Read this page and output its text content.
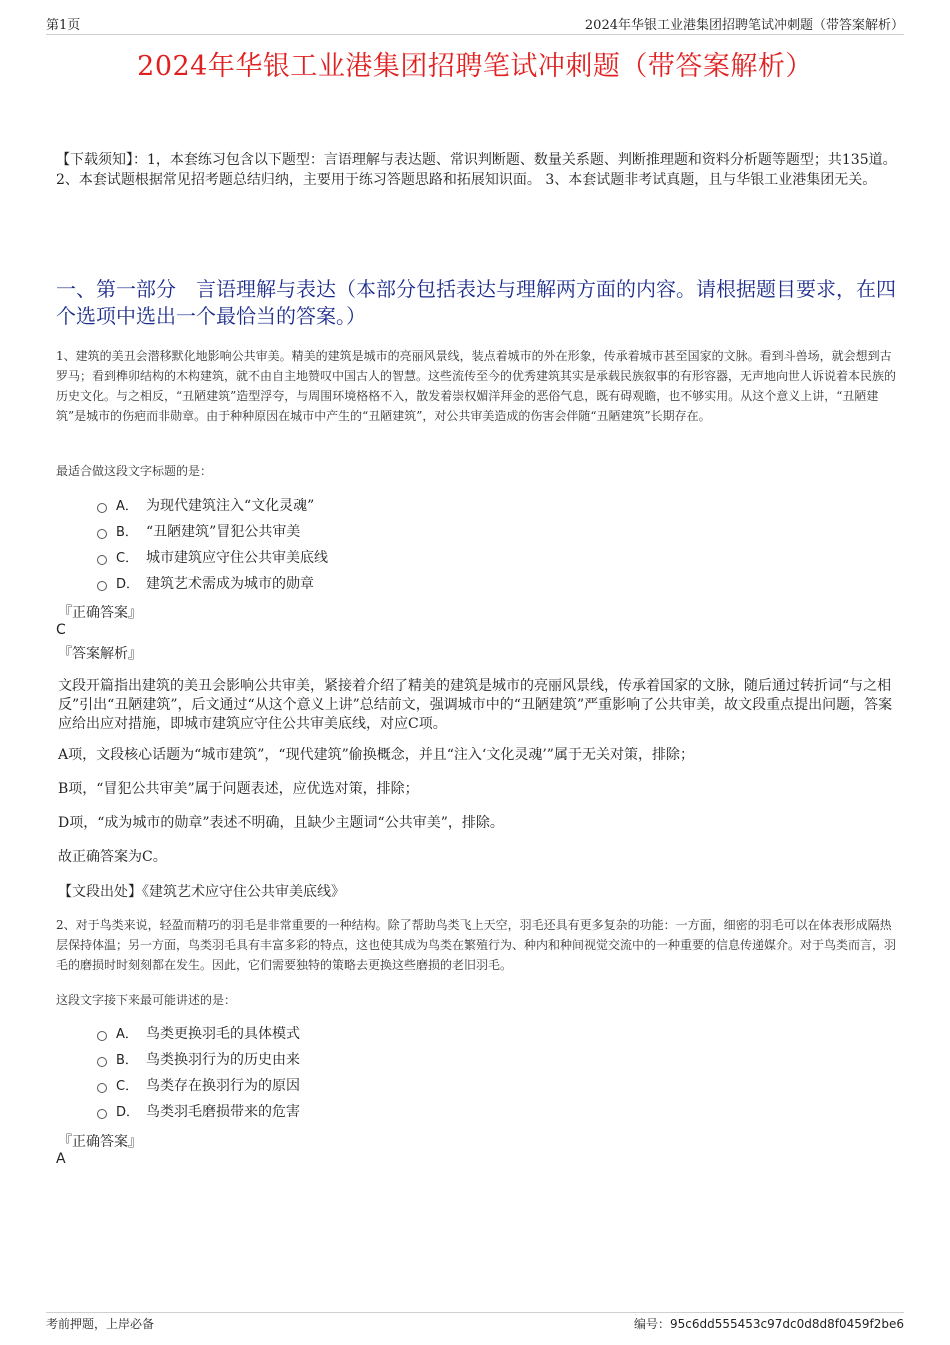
第1页	2024年华银工业港集团招聘笔试冲刺题（带答案解析）
2024年华银工业港集团招聘笔试冲刺题（带答案解析）
【下载须知】：1，本套练习包含以下题型：言语理解与表达题、常识判断题、数量关系题、判断推理题和资料分析题等题型；共135道。 2、本套试题根据常见招考题总结归纳，主要用于练习答题思路和拓展知识面。 3、本套试题非考试真题，且与华银工业港集团无关。
一、第一部分　言语理解与表达（本部分包括表达与理解两方面的内容。请根据题目要求，在四个选项中选出一个最恰当的答案。）
1、建筑的美丑会潜移默化地影响公共审美。精美的建筑是城市的亮丽风景线，装点着城市的外在形象，传承着城市甚至国家的文脉。看到斗兽场，就会想到古罗马；看到榫卯结构的木构建筑，就不由自主地赞叹中国古人的智慧。这些流传至今的优秀建筑其实是承载民族叙事的有形容器，无声地向世人诉说着本民族的历史文化。与之相反，“丑陋建筑”造型浮夸，与周围环境格格不入，散发着崇权媚洋拜金的恶俗气息，既有碍观瞻，也不够实用。从这个意义上讲，“丑陋建筑”是城市的伤疤而非勋章。由于种种原因在城市中产生的“丑陋建筑”，对公共审美造成的伤害会伴随“丑陋建筑”长期存在。
最适合做这段文字标题的是：
A． 为现代建筑注入“文化灵魂”
B． “丑陋建筑”冒犯公共审美
C． 城市建筑应守住公共审美底线
D． 建筑艺术需成为城市的勋章
『正确答案』
C
『答案解析』
文段开篇指出建筑的美丑会影响公共审美，紧接着介绍了精美的建筑是城市的亮丽风景线，传承着国家的文脉，随后通过转折词“与之相反”引出“丑陋建筑”，后文通过“从这个意义上讲”总结前文，强调城市中的“丑陋建筑”严重影响了公共审美，故文段重点提出问题，答案应给出应对措施，即城市建筑应守住公共审美底线，对应C项。
A项，文段核心话题为“城市建筑”，“现代建筑”偷换概念，并且“注入‘文化灵魂’”属于无关对策，排除；
B项，“冒犯公共审美”属于问题表述，应优选对策，排除；
D项，“成为城市的勋章”表述不明确，且缺少主题词“公共审美”，排除。
故正确答案为C。
【文段出处】《建筑艺术应守住公共审美底线》
2、对于鸟类来说，轻盈而精巧的羽毛是非常重要的一种结构。除了帮助鸟类飞上天空，羽毛还具有更多复杂的功能：一方面，细密的羽毛可以在体表形成隔热层保持体温；另一方面，鸟类羽毛具有丰富多彩的特点，这也使其成为鸟类在繁殖行为、种内和种间视觉交流中的一种重要的信息传递媒介。对于鸟类而言，羽毛的磨损时时刻刻都在发生。因此，它们需要独特的策略去更换这些磨损的老旧羽毛。
这段文字接下来最可能讲述的是：
A． 鸟类更换羽毛的具体模式
B． 鸟类换羽行为的历史由来
C． 鸟类存在换羽行为的原因
D． 鸟类羽毛磨损带来的危害
『正确答案』
A
考前押题，上岸必备	编号：95c6dd555453c97dc0d8d8f0459f2be6
